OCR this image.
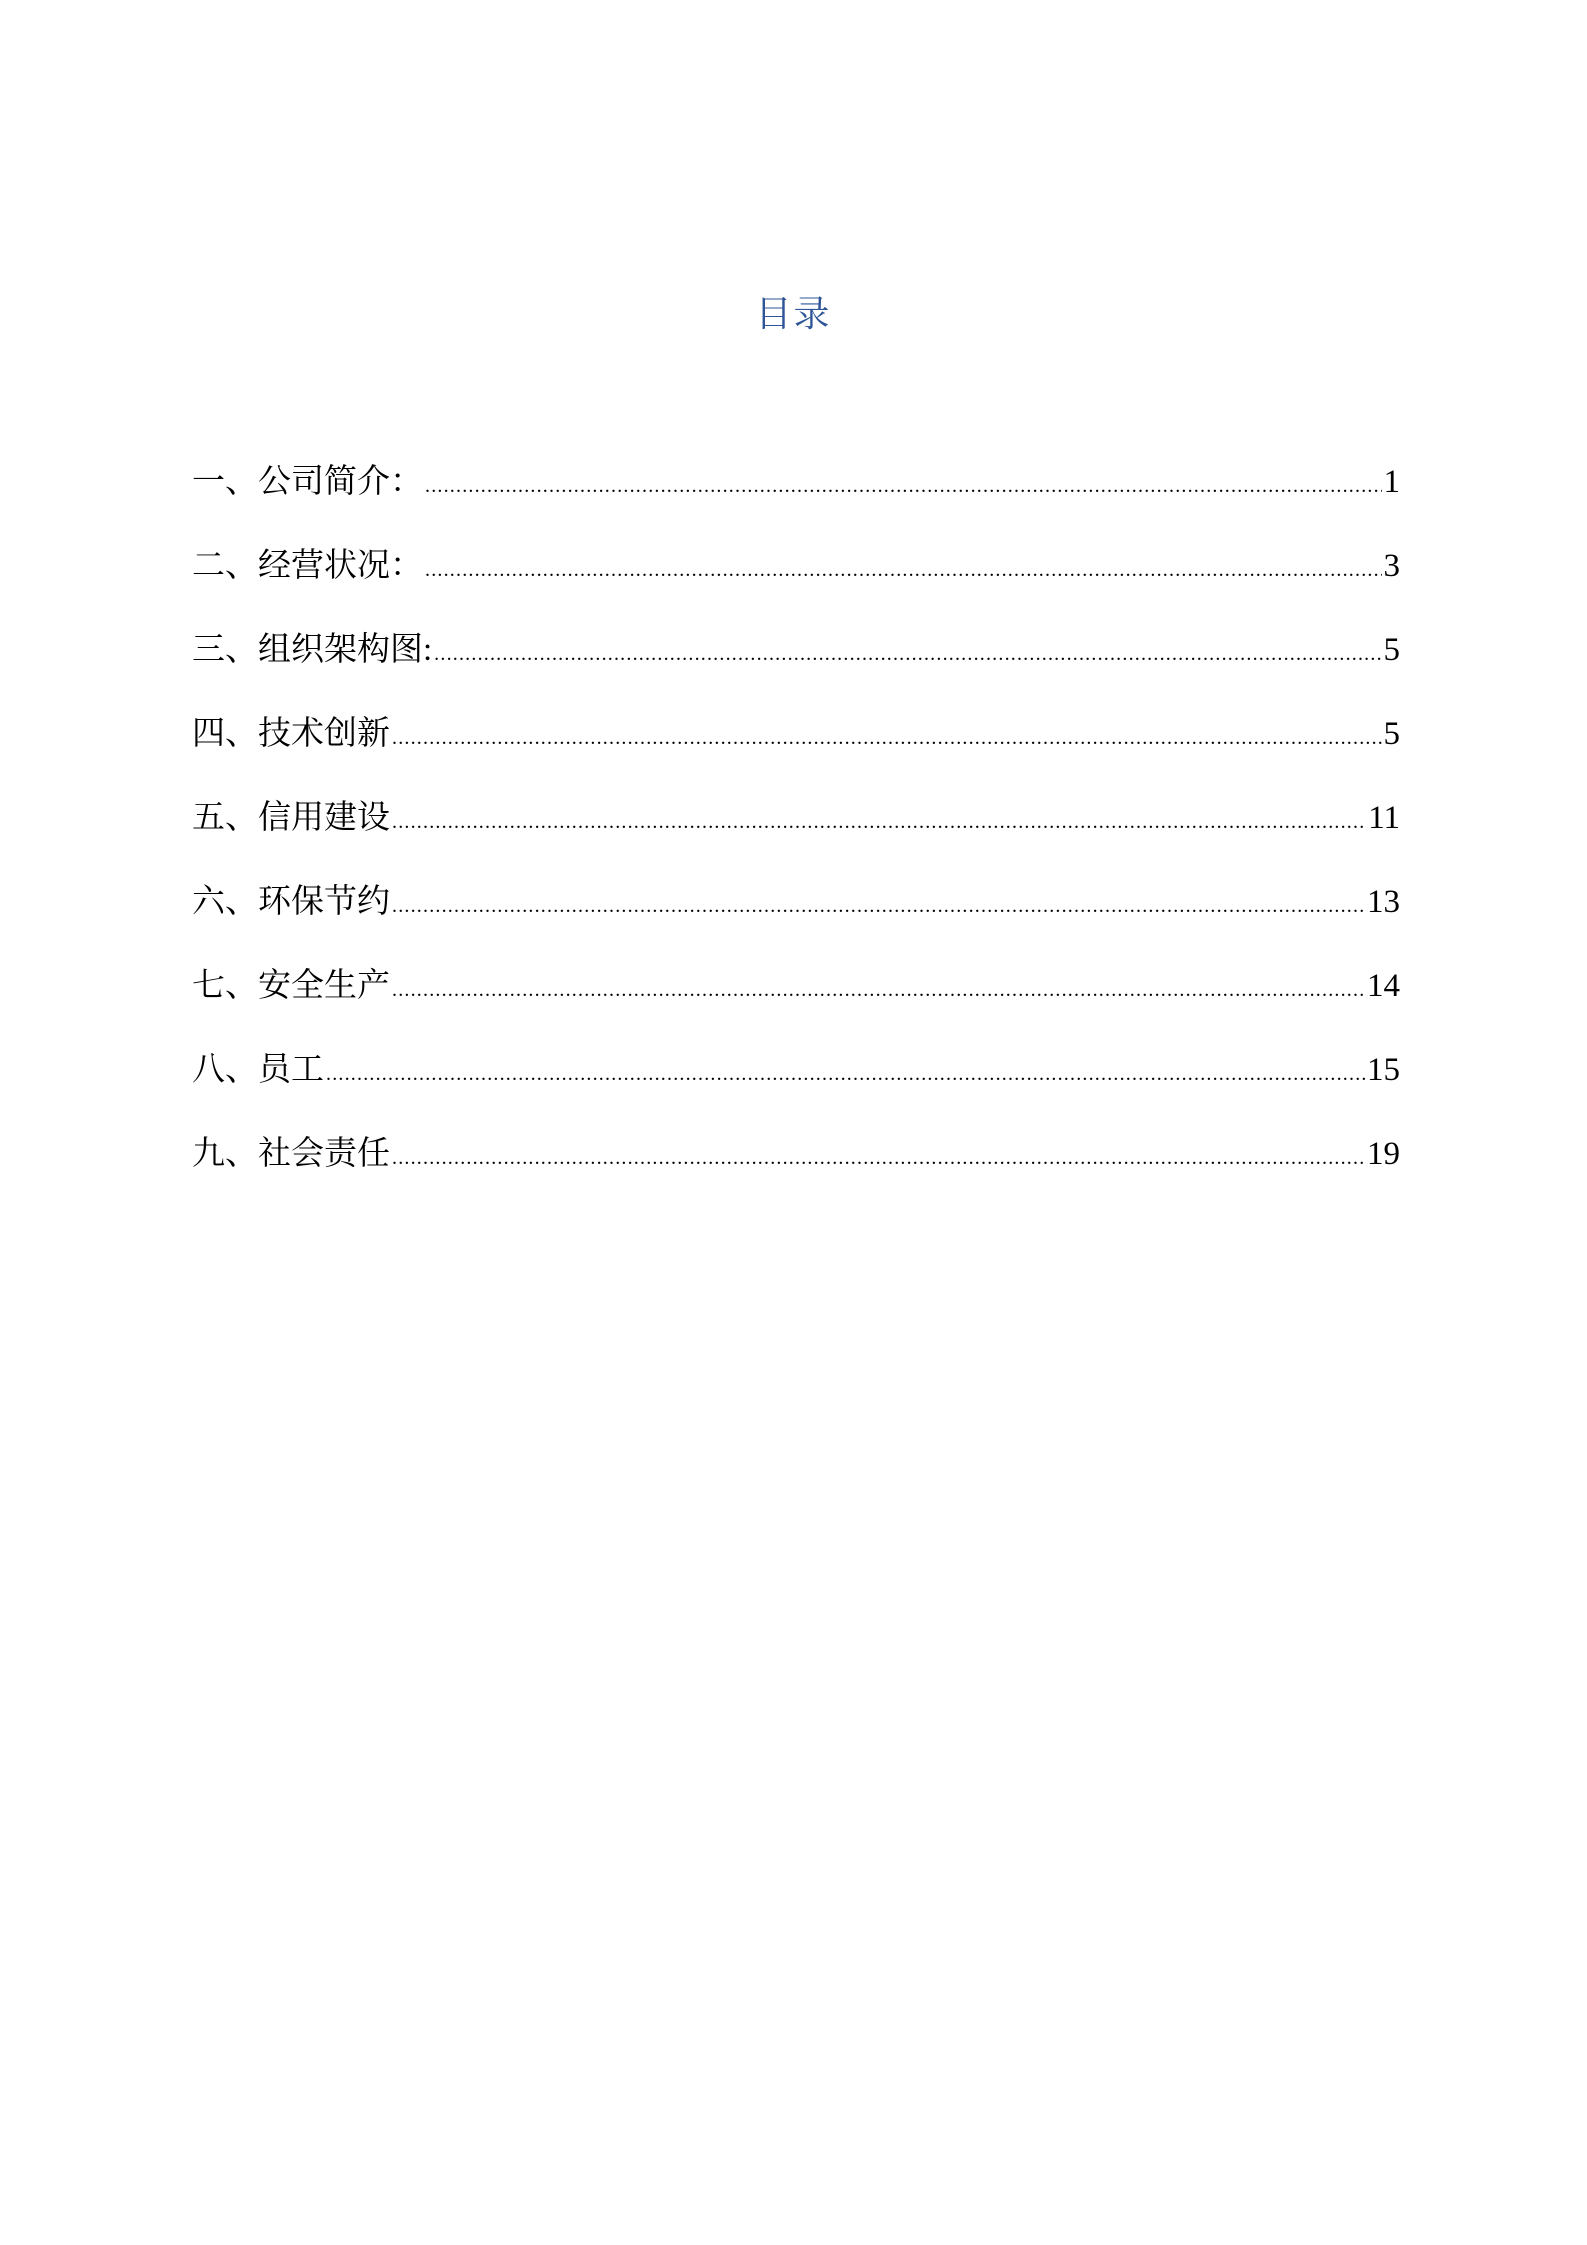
目录
一、公司简介： .....	1
二、经营状况： .....	3
三、组织架构图: .....	5
四、技术创新 .....	5
五、信用建设 .....	11
六、环保节约 .....	13
七、安全生产 .....	14
八、员工 .....	15
九、社会责任 .....	19
